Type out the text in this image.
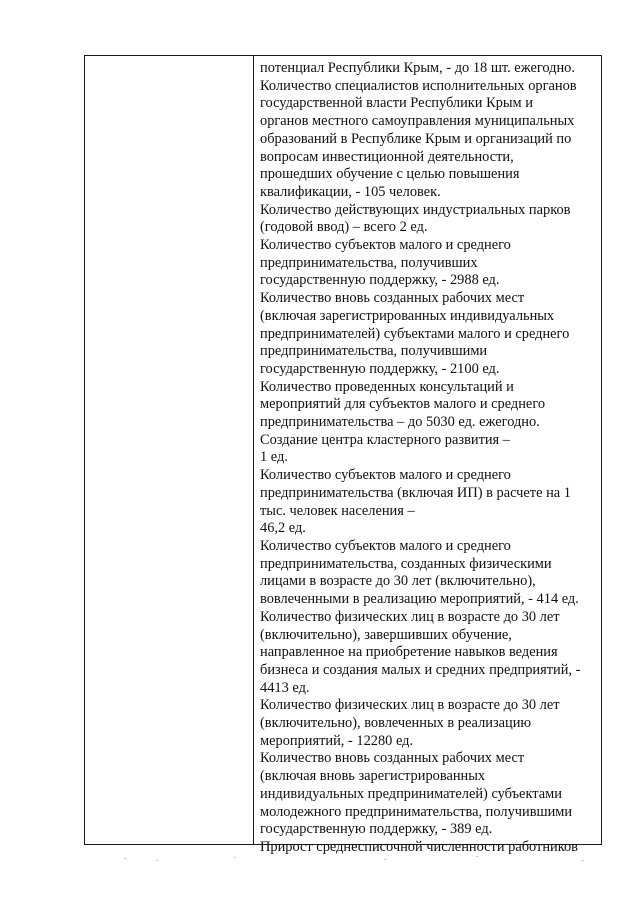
потенциал Республики Крым, - до 18 шт. ежегодно.
Количество специалистов исполнительных органов
государственной власти Республики Крым и
органов местного самоуправления муниципальных
образований в Республике Крым и организаций по
вопросам инвестиционной деятельности,
прошедших обучение с целью повышения
квалификации, - 105 человек.
Количество действующих индустриальных парков
(годовой ввод) – всего 2 ед.
Количество субъектов малого и среднего
предпринимательства, получивших
государственную поддержку, - 2988 ед.
Количество вновь созданных рабочих мест
(включая зарегистрированных индивидуальных
предпринимателей) субъектами малого и среднего
предпринимательства, получившими
государственную поддержку, - 2100 ед.
Количество проведенных консультаций и
мероприятий для субъектов малого и среднего
предпринимательства – до 5030 ед. ежегодно.
Создание центра кластерного развития –
1 ед.
Количество субъектов малого и среднего
предпринимательства (включая ИП) в расчете на 1
тыс. человек населения –
46,2 ед.
Количество субъектов малого и среднего
предпринимательства, созданных физическими
лицами в возрасте до 30 лет (включительно),
вовлеченными в реализацию мероприятий, - 414 ед.
Количество физических лиц в возрасте до 30 лет
(включительно), завершивших обучение,
направленное на приобретение навыков ведения
бизнеса и создания малых и средних предприятий, -
4413 ед.
Количество физических лиц в возрасте до 30 лет
(включительно), вовлеченных в реализацию
мероприятий, - 12280 ед.
Количество вновь созданных рабочих мест
(включая вновь зарегистрированных
индивидуальных предпринимателей) субъектами
молодежного предпринимательства, получившими
государственную поддержку, - 389 ед.
Прирост среднесписочной численности работников
